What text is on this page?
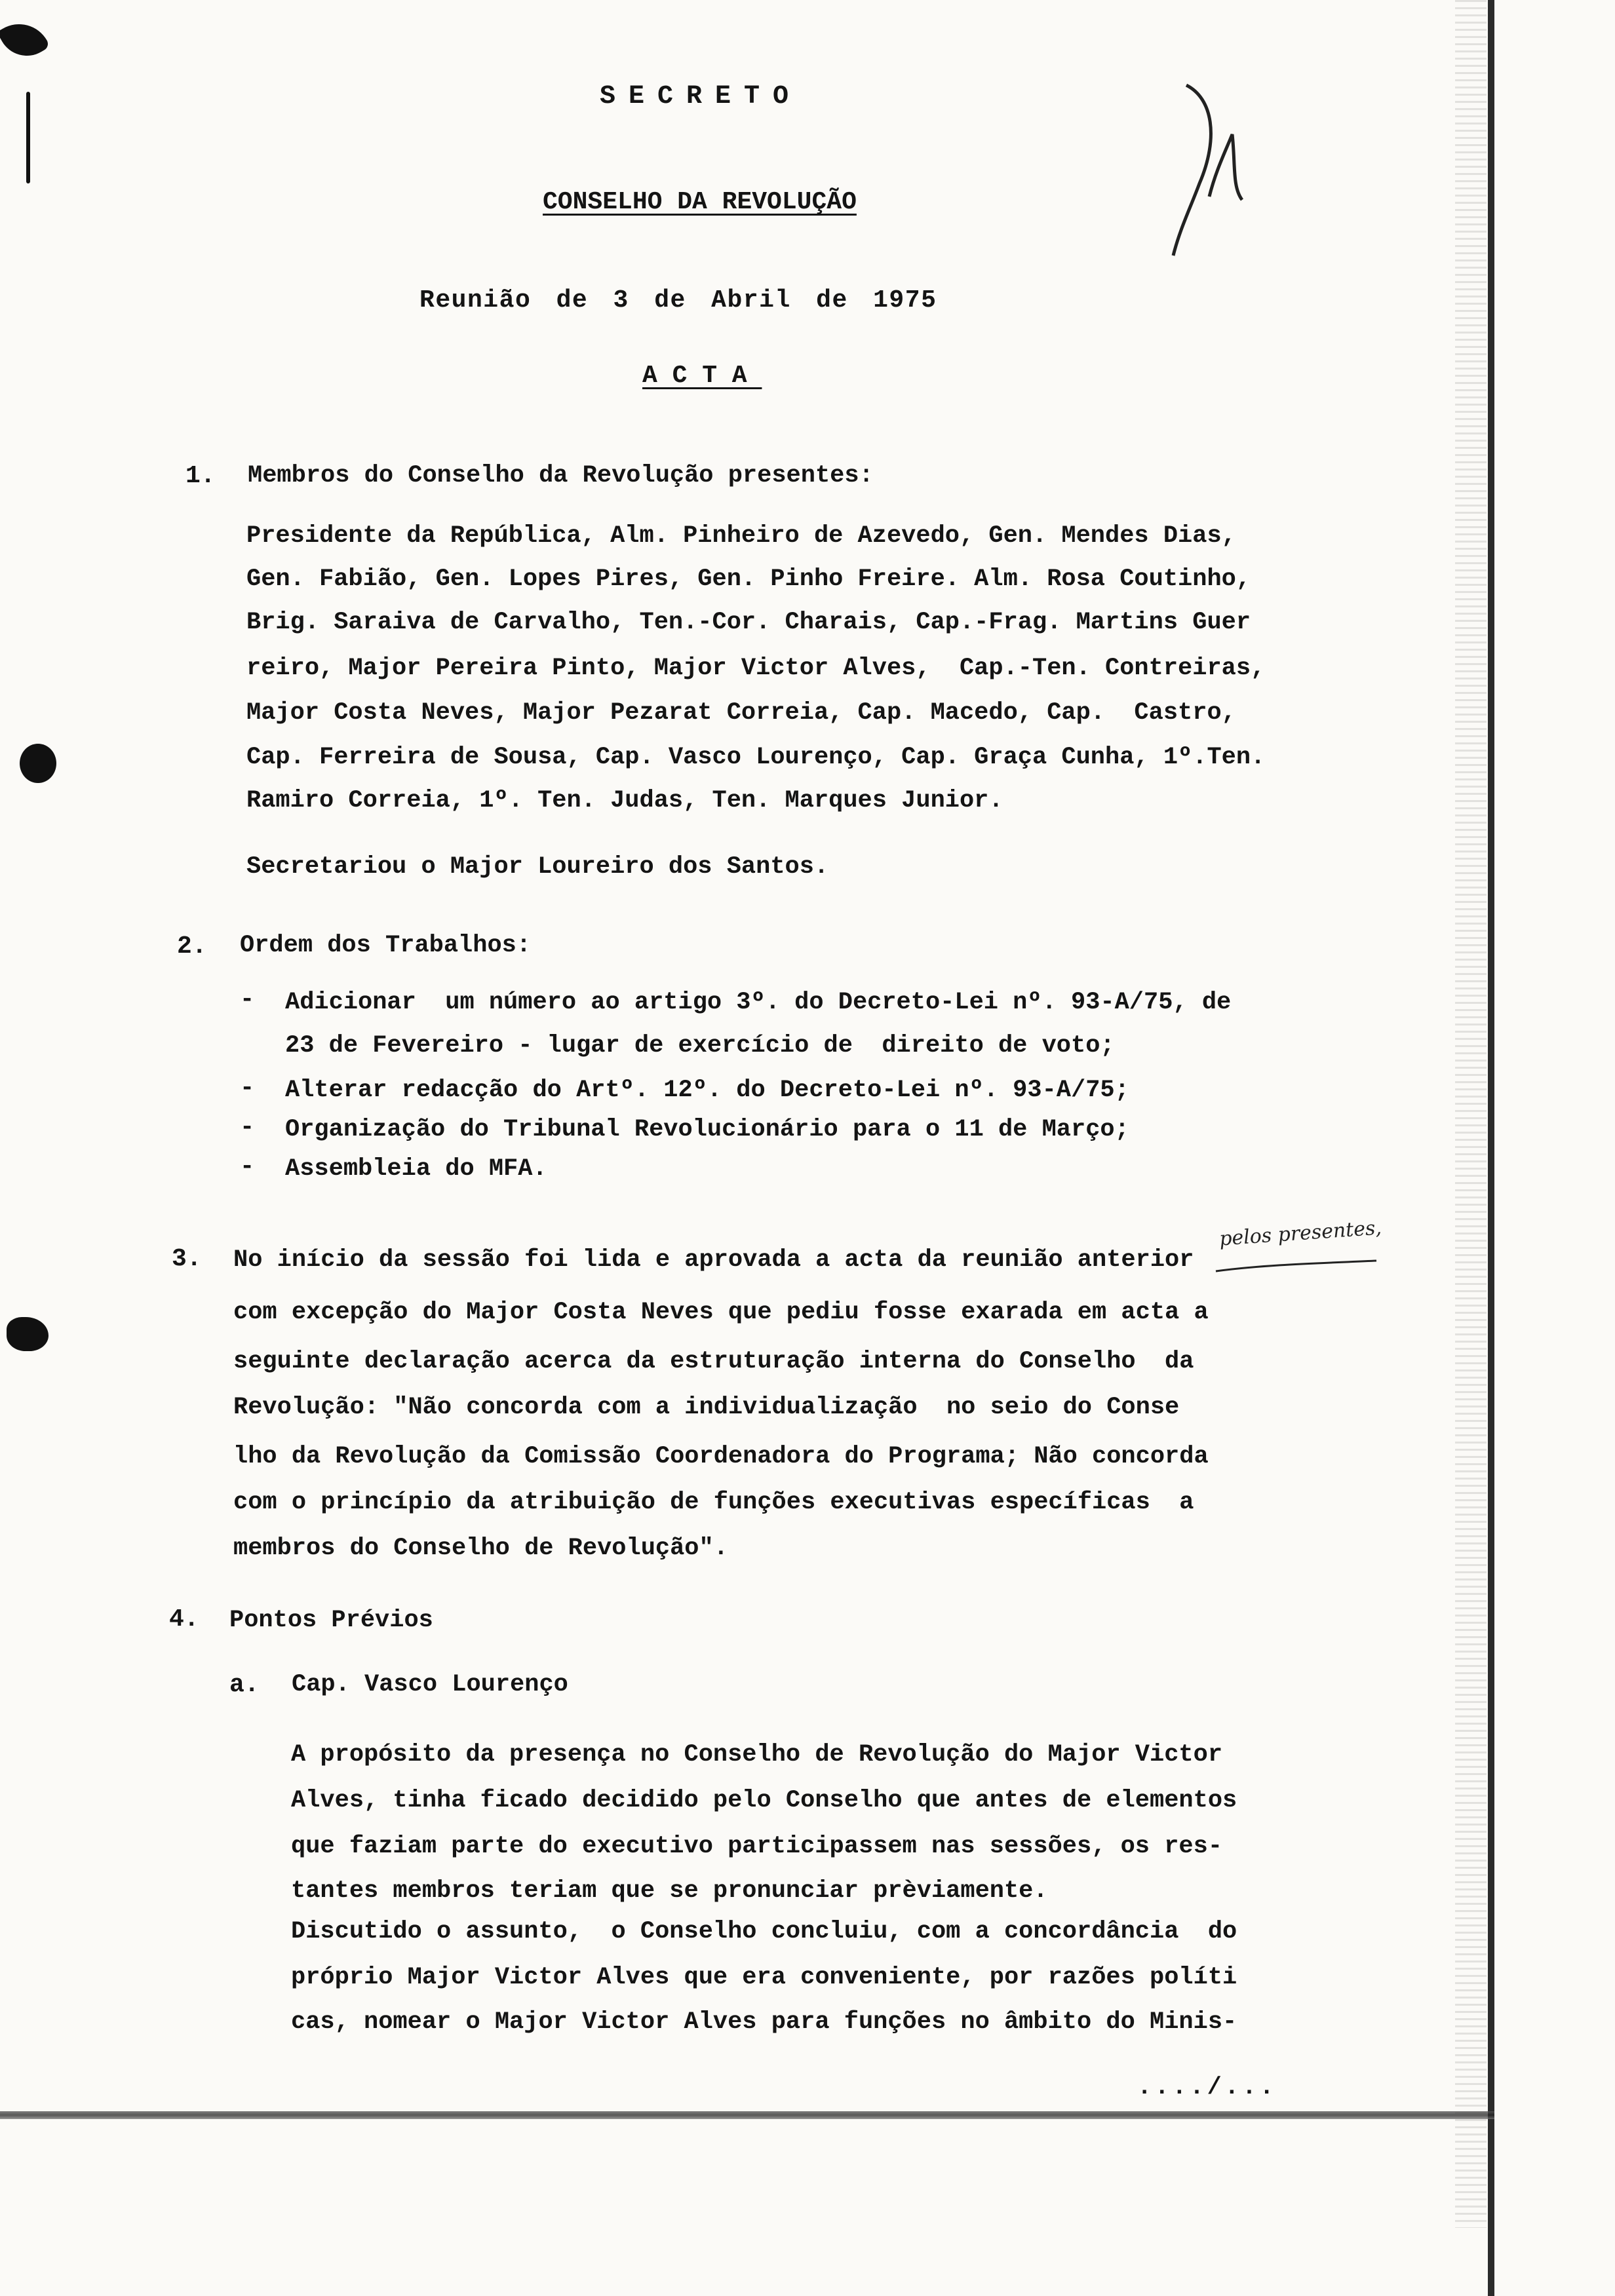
SECRETO
CONSELHO DA REVOLUÇÃO
Reunião de 3 de Abril de 1975
ACTA
1. Membros do Conselho da Revolução presentes:
Presidente da República, Alm. Pinheiro de Azevedo, Gen. Mendes Dias,
Gen. Fabião, Gen. Lopes Pires, Gen. Pinho Freire. Alm. Rosa Coutinho,
Brig. Saraiva de Carvalho, Ten.-Cor. Charais, Cap.-Frag. Martins Guer
reiro, Major Pereira Pinto, Major Victor Alves,  Cap.-Ten. Contreiras,
Major Costa Neves, Major Pezarat Correia, Cap. Macedo, Cap.  Castro,
Cap. Ferreira de Sousa, Cap. Vasco Lourenço, Cap. Graça Cunha, 1º.Ten.
Ramiro Correia, 1º. Ten. Judas, Ten. Marques Junior.
Secretariou o Major Loureiro dos Santos.
2. Ordem dos Trabalhos:
- Adicionar  um número ao artigo 3º. do Decreto-Lei nº. 93-A/75, de
23 de Fevereiro - lugar de exercício de  direito de voto;
- Alterar redacção do Artº. 12º. do Decreto-Lei nº. 93-A/75;
- Organização do Tribunal Revolucionário para o 11 de Março;
- Assembleia do MFA.
3. No início da sessão foi lida e aprovada a acta da reunião anterior
com excepção do Major Costa Neves que pediu fosse exarada em acta a
seguinte declaração acerca da estruturação interna do Conselho  da
Revolução: "Não concorda com a individualização  no seio do Conse
lho da Revolução da Comissão Coordenadora do Programa; Não concorda
com o princípio da atribuição de funções executivas específicas  a
membros do Conselho de Revolução".
pelos presentes,
4. Pontos Prévios
a. Cap. Vasco Lourenço
A propósito da presença no Conselho de Revolução do Major Victor
Alves, tinha ficado decidido pelo Conselho que antes de elementos
que faziam parte do executivo participassem nas sessões, os res-
tantes membros teriam que se pronunciar prèviamente.
Discutido o assunto,  o Conselho concluiu, com a concordância  do
próprio Major Victor Alves que era conveniente, por razões políti
cas, nomear o Major Victor Alves para funções no âmbito do Minis-
..../...
